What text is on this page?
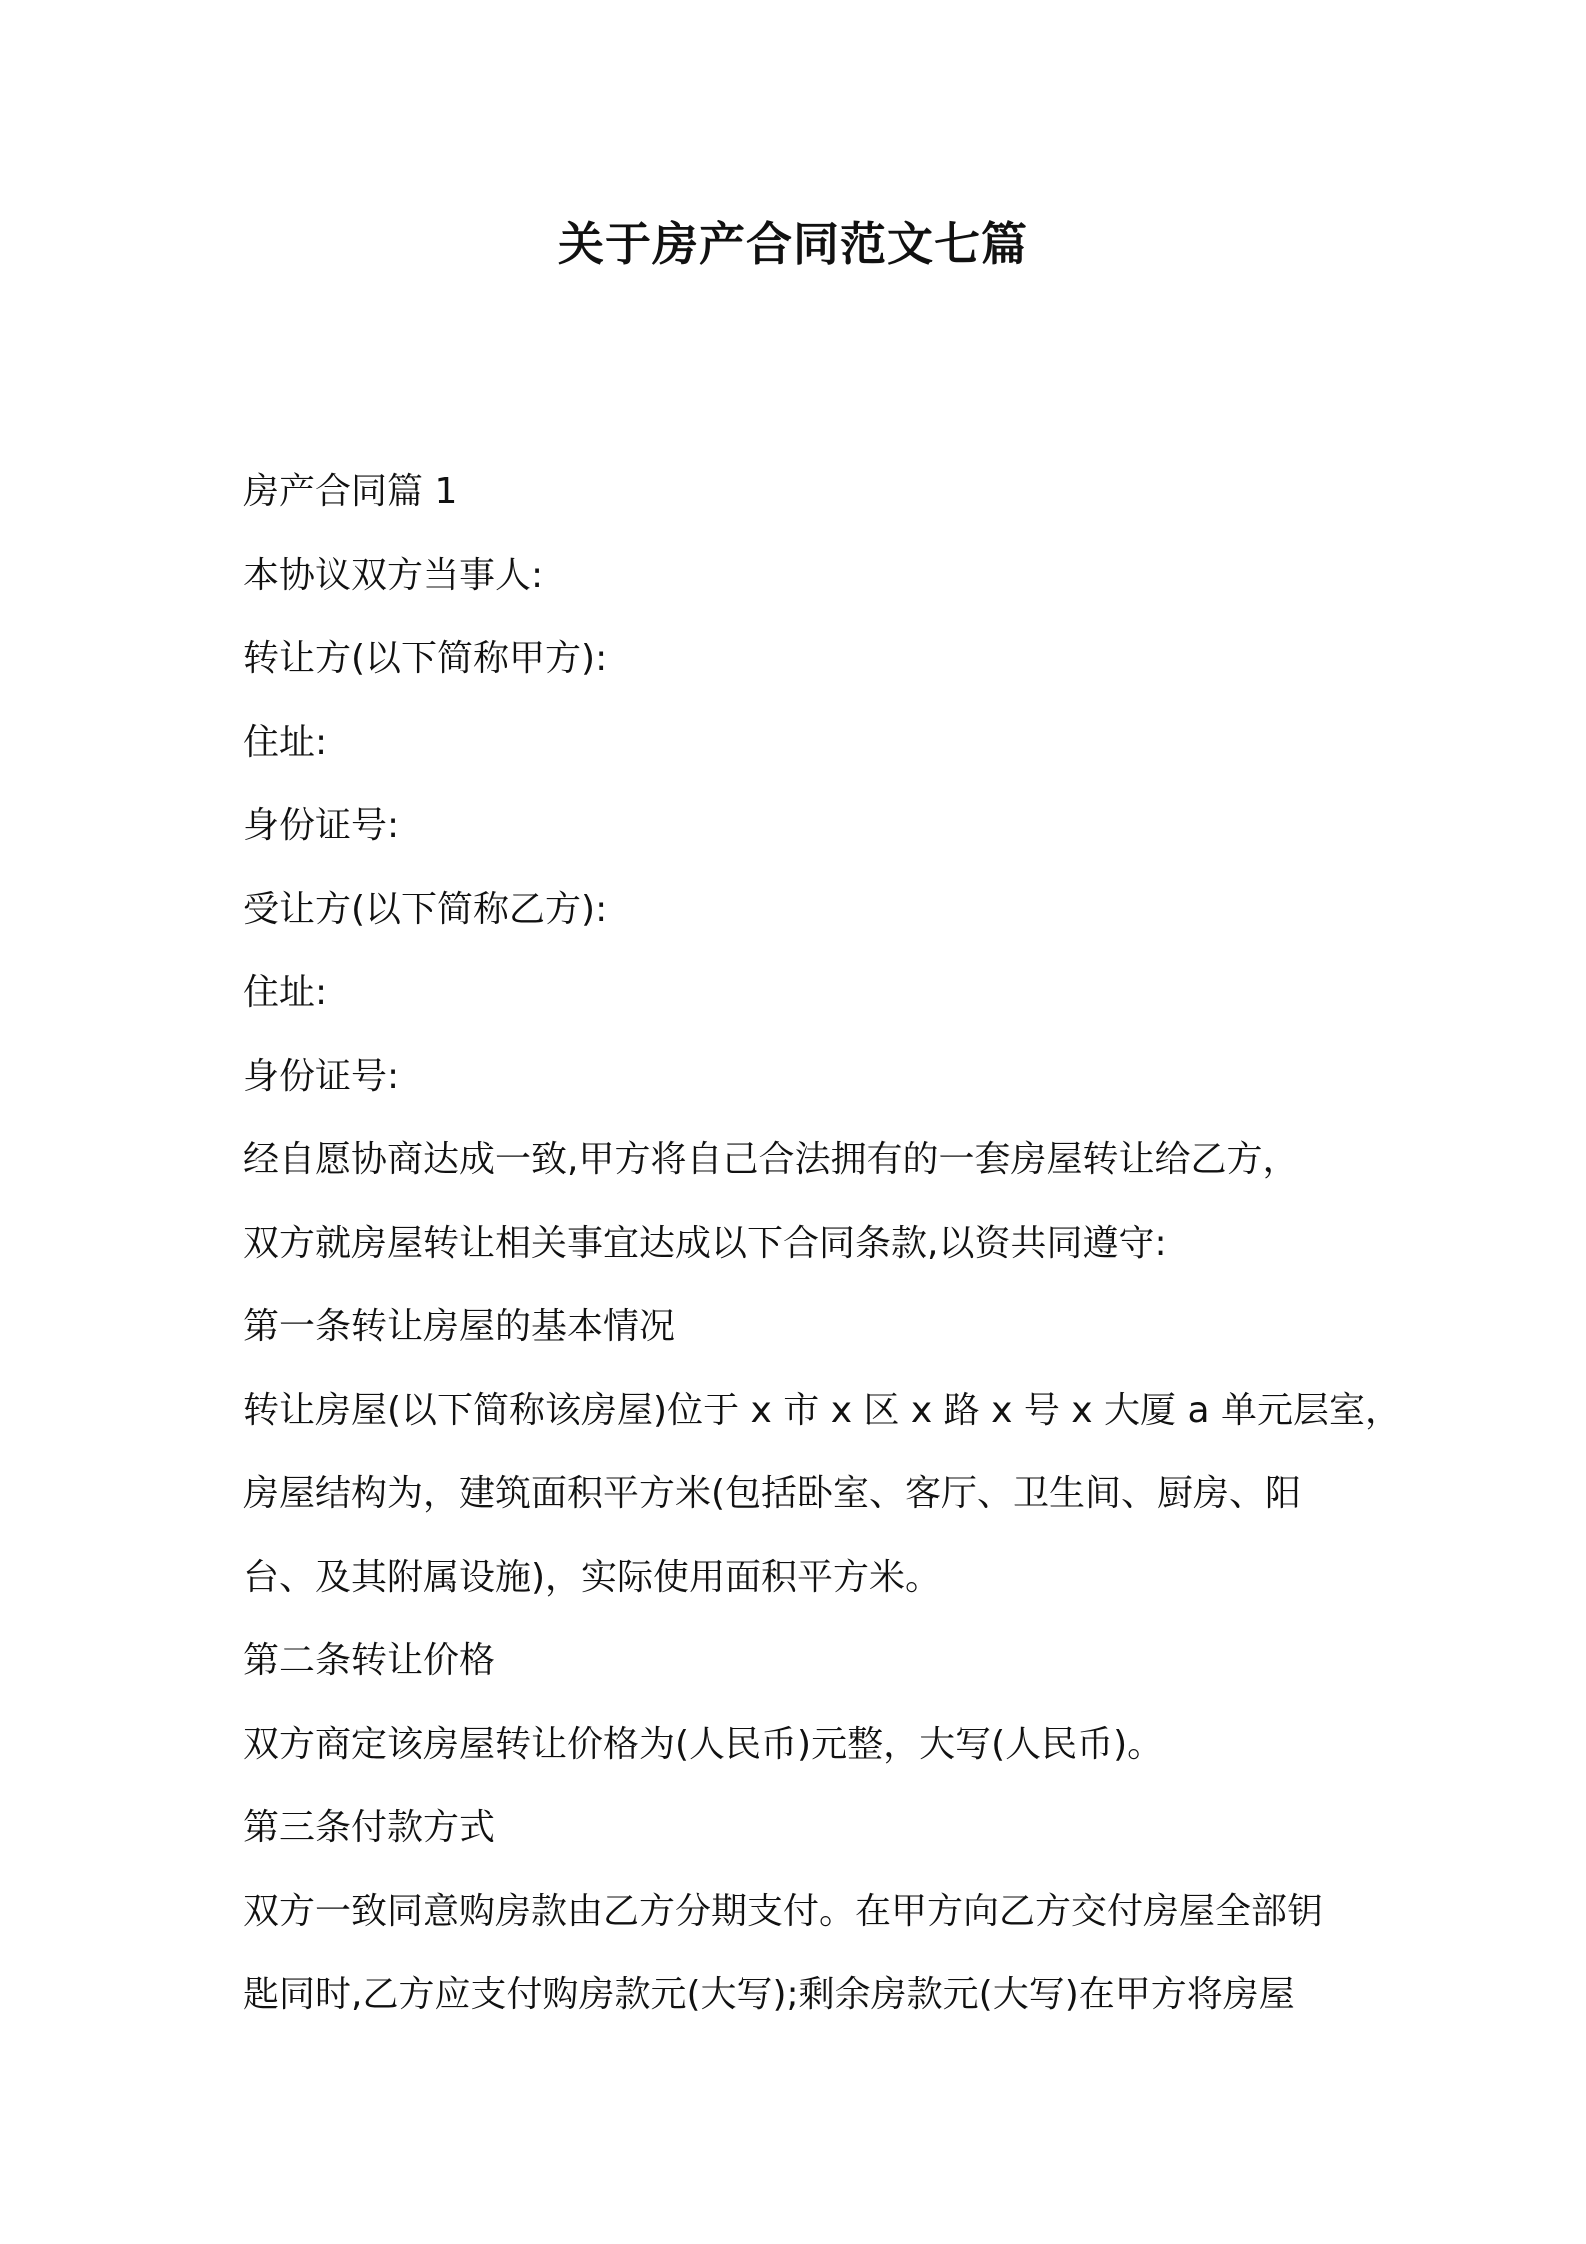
关于房产合同范文七篇

房产合同篇 1

本协议双方当事人:

转让方(以下简称甲方):

住址:

身份证号:

受让方(以下简称乙方):

住址:

身份证号:

经自愿协商达成一致,甲方将自己合法拥有的一套房屋转让给乙方，

双方就房屋转让相关事宜达成以下合同条款,以资共同遵守:

第一条转让房屋的基本情况

转让房屋(以下简称该房屋)位于 x 市 x 区 x 路 x 号 x 大厦 a 单元层室，

房屋结构为，建筑面积平方米(包括卧室、客厅、卫生间、厨房、阳

台、及其附属设施)，实际使用面积平方米。

第二条转让价格

双方商定该房屋转让价格为(人民币)元整，大写(人民币)。

第三条付款方式

双方一致同意购房款由乙方分期支付。在甲方向乙方交付房屋全部钥

匙同时,乙方应支付购房款元(大写);剩余房款元(大写)在甲方将房屋
